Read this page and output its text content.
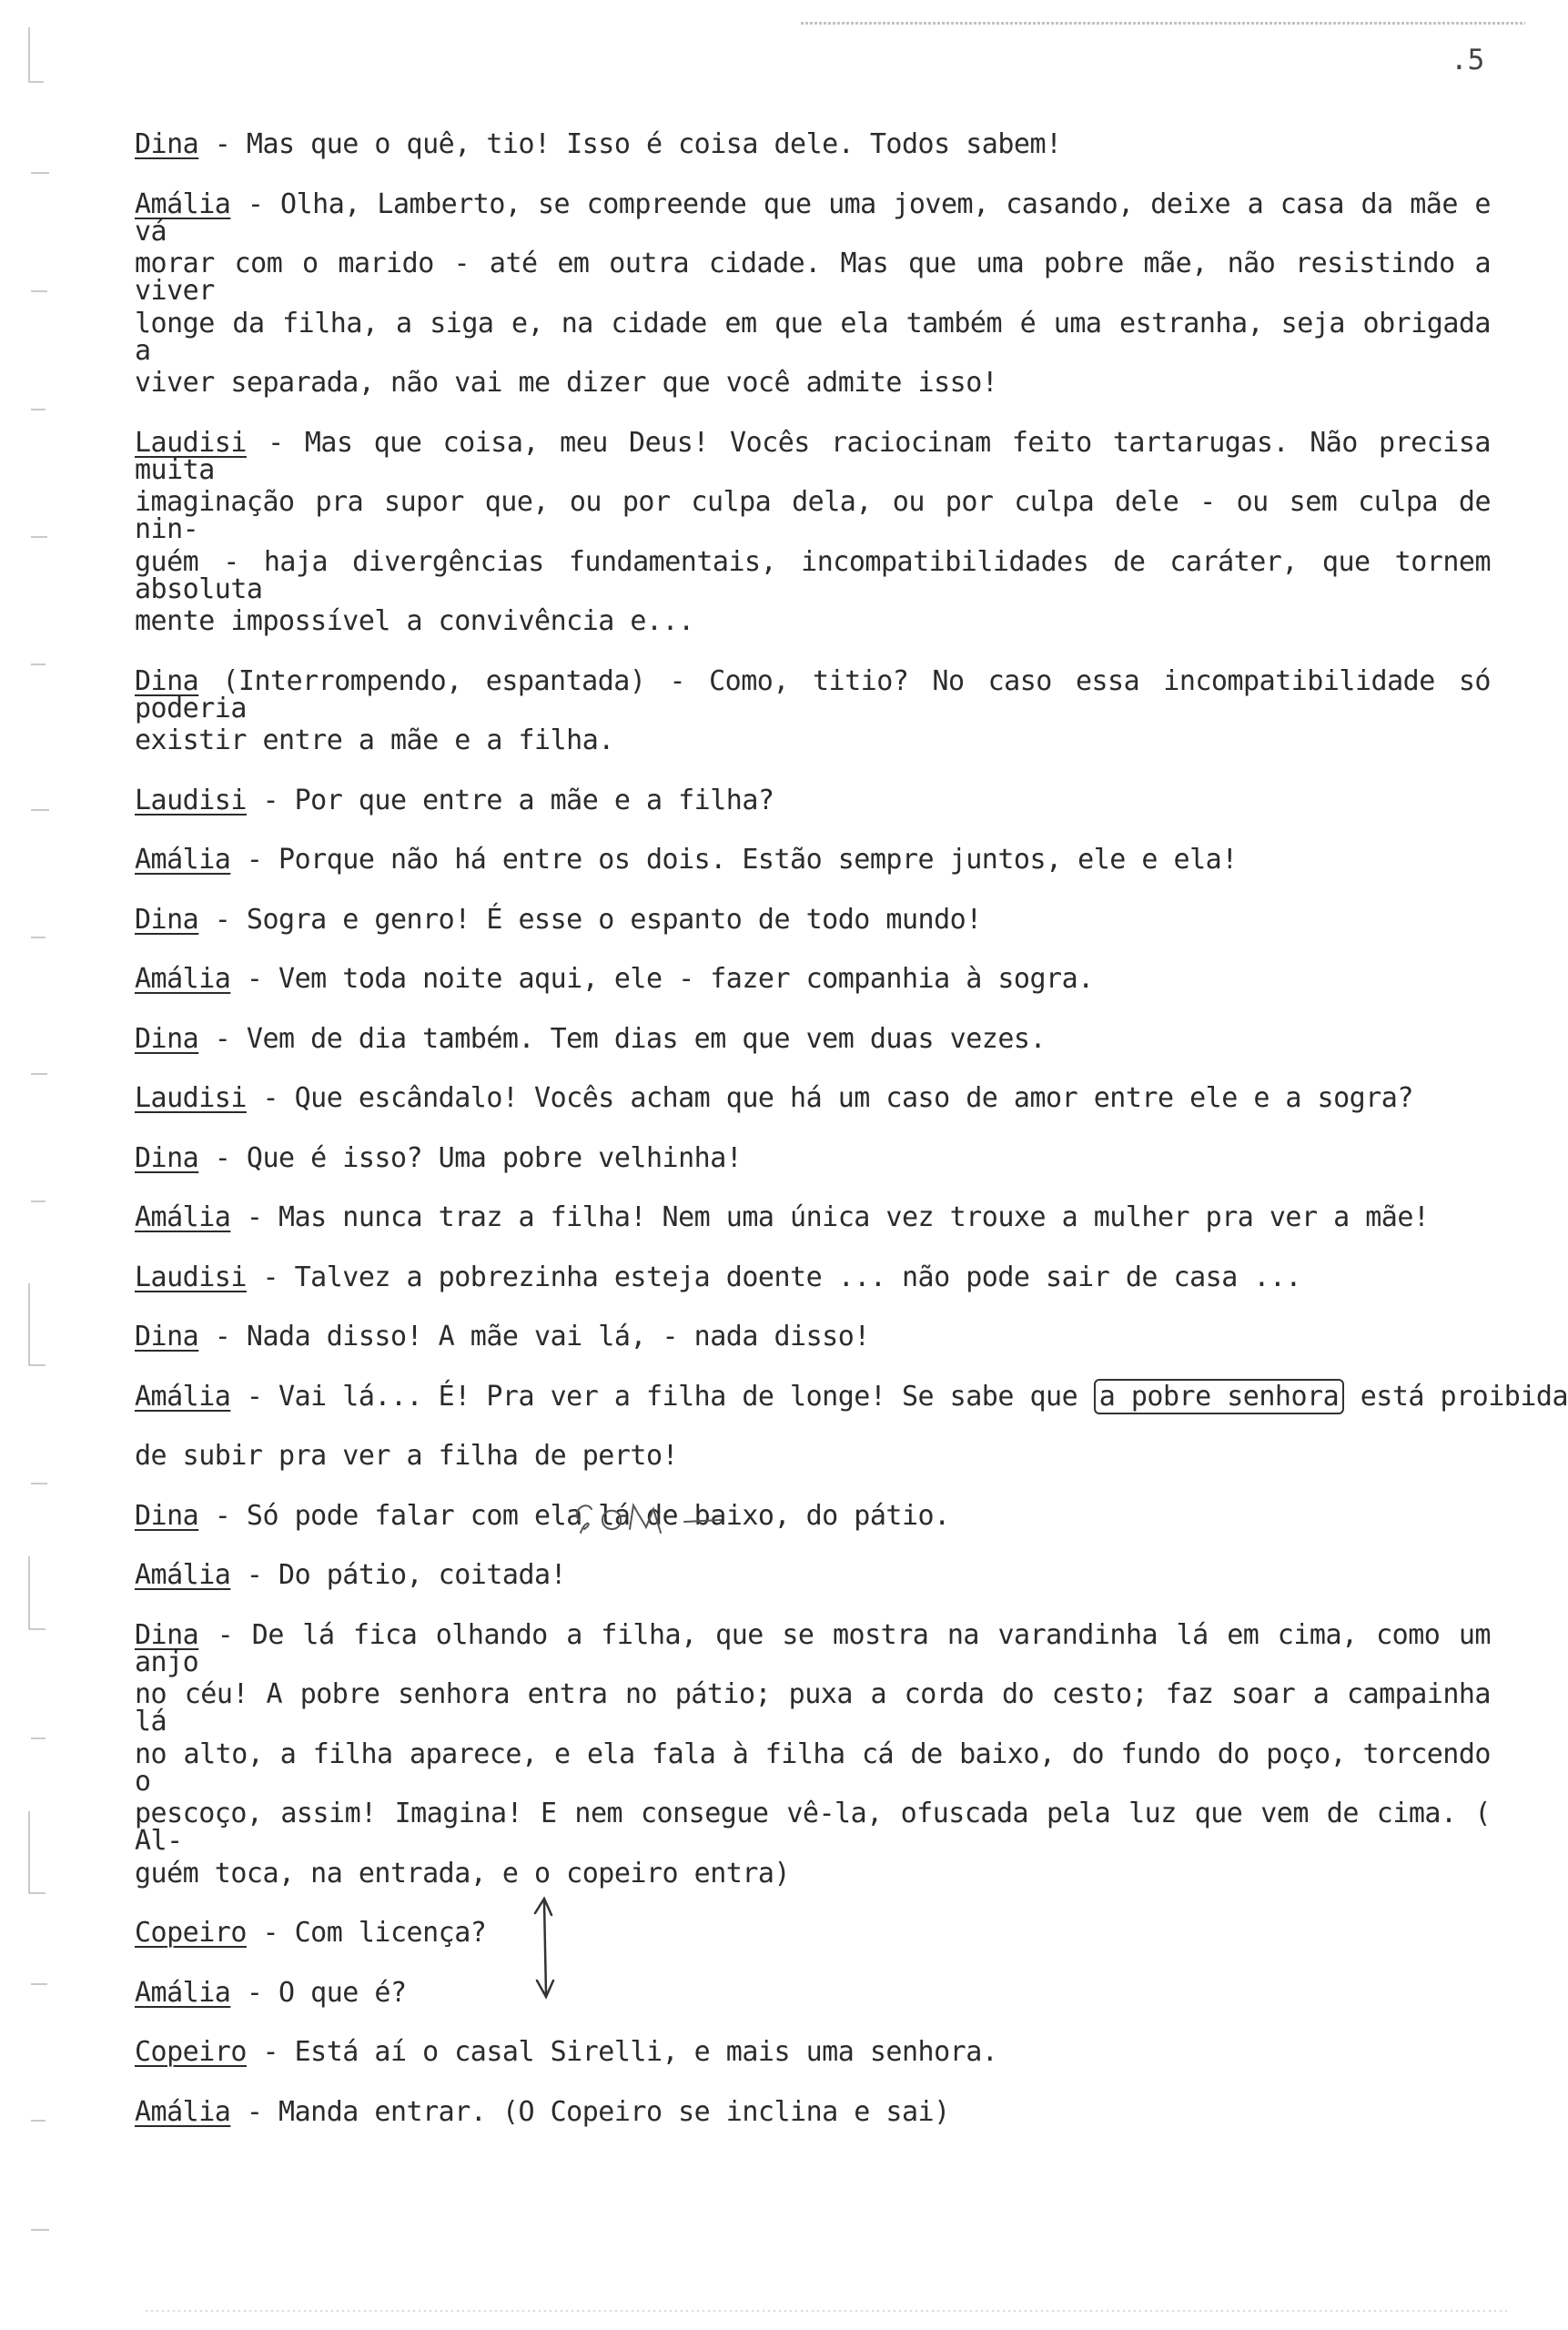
.5
Dina - Mas que o quê, tio! Isso é coisa dele. Todos sabem!
Amália - Olha, Lamberto, se compreende que uma jovem, casando, deixe a casa da mãe e vá
morar com o marido - até em outra cidade. Mas que uma pobre mãe, não resistindo a viver
longe da filha, a siga e, na cidade em que ela também é uma estranha, seja obrigada a
viver separada, não vai me dizer que você admite isso!
Laudisi - Mas que coisa, meu Deus! Vocês raciocinam feito tartarugas. Não precisa muita
imaginação pra supor que, ou por culpa dela, ou por culpa dele - ou sem culpa de nin-
guém - haja divergências fundamentais, incompatibilidades de caráter, que tornem absoluta
mente impossível a convivência e...
Dina (Interrompendo, espantada) - Como, titio? No caso essa incompatibilidade só poderia
existir entre a mãe e a filha.
Laudisi - Por que entre a mãe e a filha?
Amália - Porque não há entre os dois. Estão sempre juntos, ele e ela!
Dina - Sogra e genro! É esse o espanto de todo mundo!
Amália - Vem toda noite aqui, ele - fazer companhia à sogra.
Dina - Vem de dia também. Tem dias em que vem duas vezes.
Laudisi - Que escândalo! Vocês acham que há um caso de amor entre ele e a sogra?
Dina - Que é isso? Uma pobre velhinha!
Amália - Mas nunca traz a filha! Nem uma única vez trouxe a mulher pra ver a mãe!
Laudisi - Talvez a pobrezinha esteja doente ... não pode sair de casa ...
Dina - Nada disso! A mãe vai lá, - nada disso!
Amália - Vai lá... É! Pra ver a filha de longe! Se sabe que a pobre senhora está proibida
de subir pra ver a filha de perto!
Dina - Só pode falar com ela lá de baixo, do pátio.
Amália - Do pátio, coitada!
Dina - De lá fica olhando a filha, que se mostra na varandinha lá em cima, como um anjo
no céu! A pobre senhora entra no pátio; puxa a corda do cesto; faz soar a campainha lá
no alto, a filha aparece, e ela fala à filha cá de baixo, do fundo do poço, torcendo o
pescoço, assim! Imagina! E nem consegue vê-la, ofuscada pela luz que vem de cima. ( Al-
guém toca, na entrada, e o copeiro entra)
Copeiro - Com licença?
Amália - O que é?
Copeiro - Está aí o casal Sirelli, e mais uma senhora.
Amália - Manda entrar. (O Copeiro se inclina e sai)
